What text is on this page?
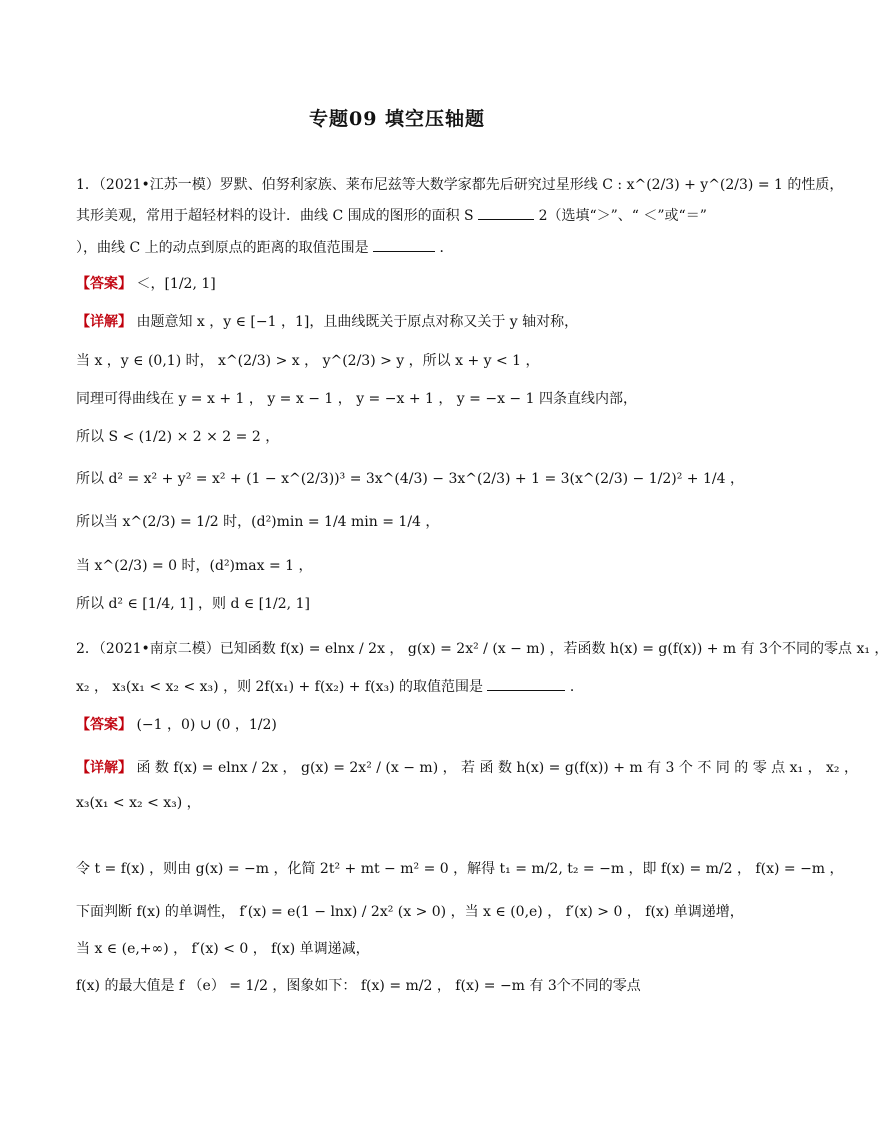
专题09 填空压轴题
1．（2021•江苏一模）罗默、伯努利家族、莱布尼兹等大数学家都先后研究过星形线 C : x^(2/3) + y^(2/3) = 1 的性质，
其形美观，常用于超轻材料的设计．曲线 C 围成的图形的面积 S	2（选填“＞”、“ ＜”或“＝”
），曲线 C 上的动点到原点的距离的取值范围是	．
【答案】 ＜，[1/2, 1]
【详解】 由题意知 x ，y ∈ [−1 ，1]，且曲线既关于原点对称又关于 y 轴对称，
当 x ，y ∈ (0,1) 时， x^(2/3) > x ， y^(2/3) > y ，所以 x + y < 1 ，
同理可得曲线在 y = x + 1 ， y = x − 1 ， y = −x + 1 ， y = −x − 1 四条直线内部，
所以 S < (1/2) × 2 × 2 = 2 ，
所以 d² = x² + y² = x² + (1 − x^(2/3))³ = 3x^(4/3) − 3x^(2/3) + 1 = 3(x^(2/3) − 1/2)² + 1/4 ，
所以当 x^(2/3) = 1/2 时，(d²)min = 1/4 min = 1/4 ，
当 x^(2/3) = 0 时，(d²)max = 1 ，
所以 d² ∈ [1/4, 1] ，则 d ∈ [1/2, 1]
2．（2021•南京二模）已知函数 f(x) = elnx / 2x ， g(x) = 2x² / (x − m) ，若函数 h(x) = g(f(x)) + m 有 3个不同的零点 x₁ ，
x₂ ， x₃(x₁ < x₂ < x₃) ，则 2f(x₁) + f(x₂) + f(x₃) 的取值范围是	．
【答案】 (−1 ，0) ∪ (0 ，1/2)
【详解】 函 数 f(x) = elnx / 2x ， g(x) = 2x² / (x − m) ， 若 函 数 h(x) = g(f(x)) + m 有 3 个 不 同 的 零 点 x₁ ， x₂ ，
x₃(x₁ < x₂ < x₃) ，
令 t = f(x) ，则由 g(x) = −m ，化简 2t² + mt − m² = 0 ，解得 t₁ = m/2, t₂ = −m ，即 f(x) = m/2 ， f(x) = −m ，
下面判断 f(x) 的单调性， f′(x) = e(1 − lnx) / 2x² (x > 0) ，当 x ∈ (0,e) ， f′(x) > 0 ， f(x) 单调递增，
当 x ∈ (e,+∞) ， f′(x) < 0 ， f(x) 单调递减，
f(x) 的最大值是 f （e） = 1/2 ，图象如下： f(x) = m/2 ， f(x) = −m 有 3个不同的零点
